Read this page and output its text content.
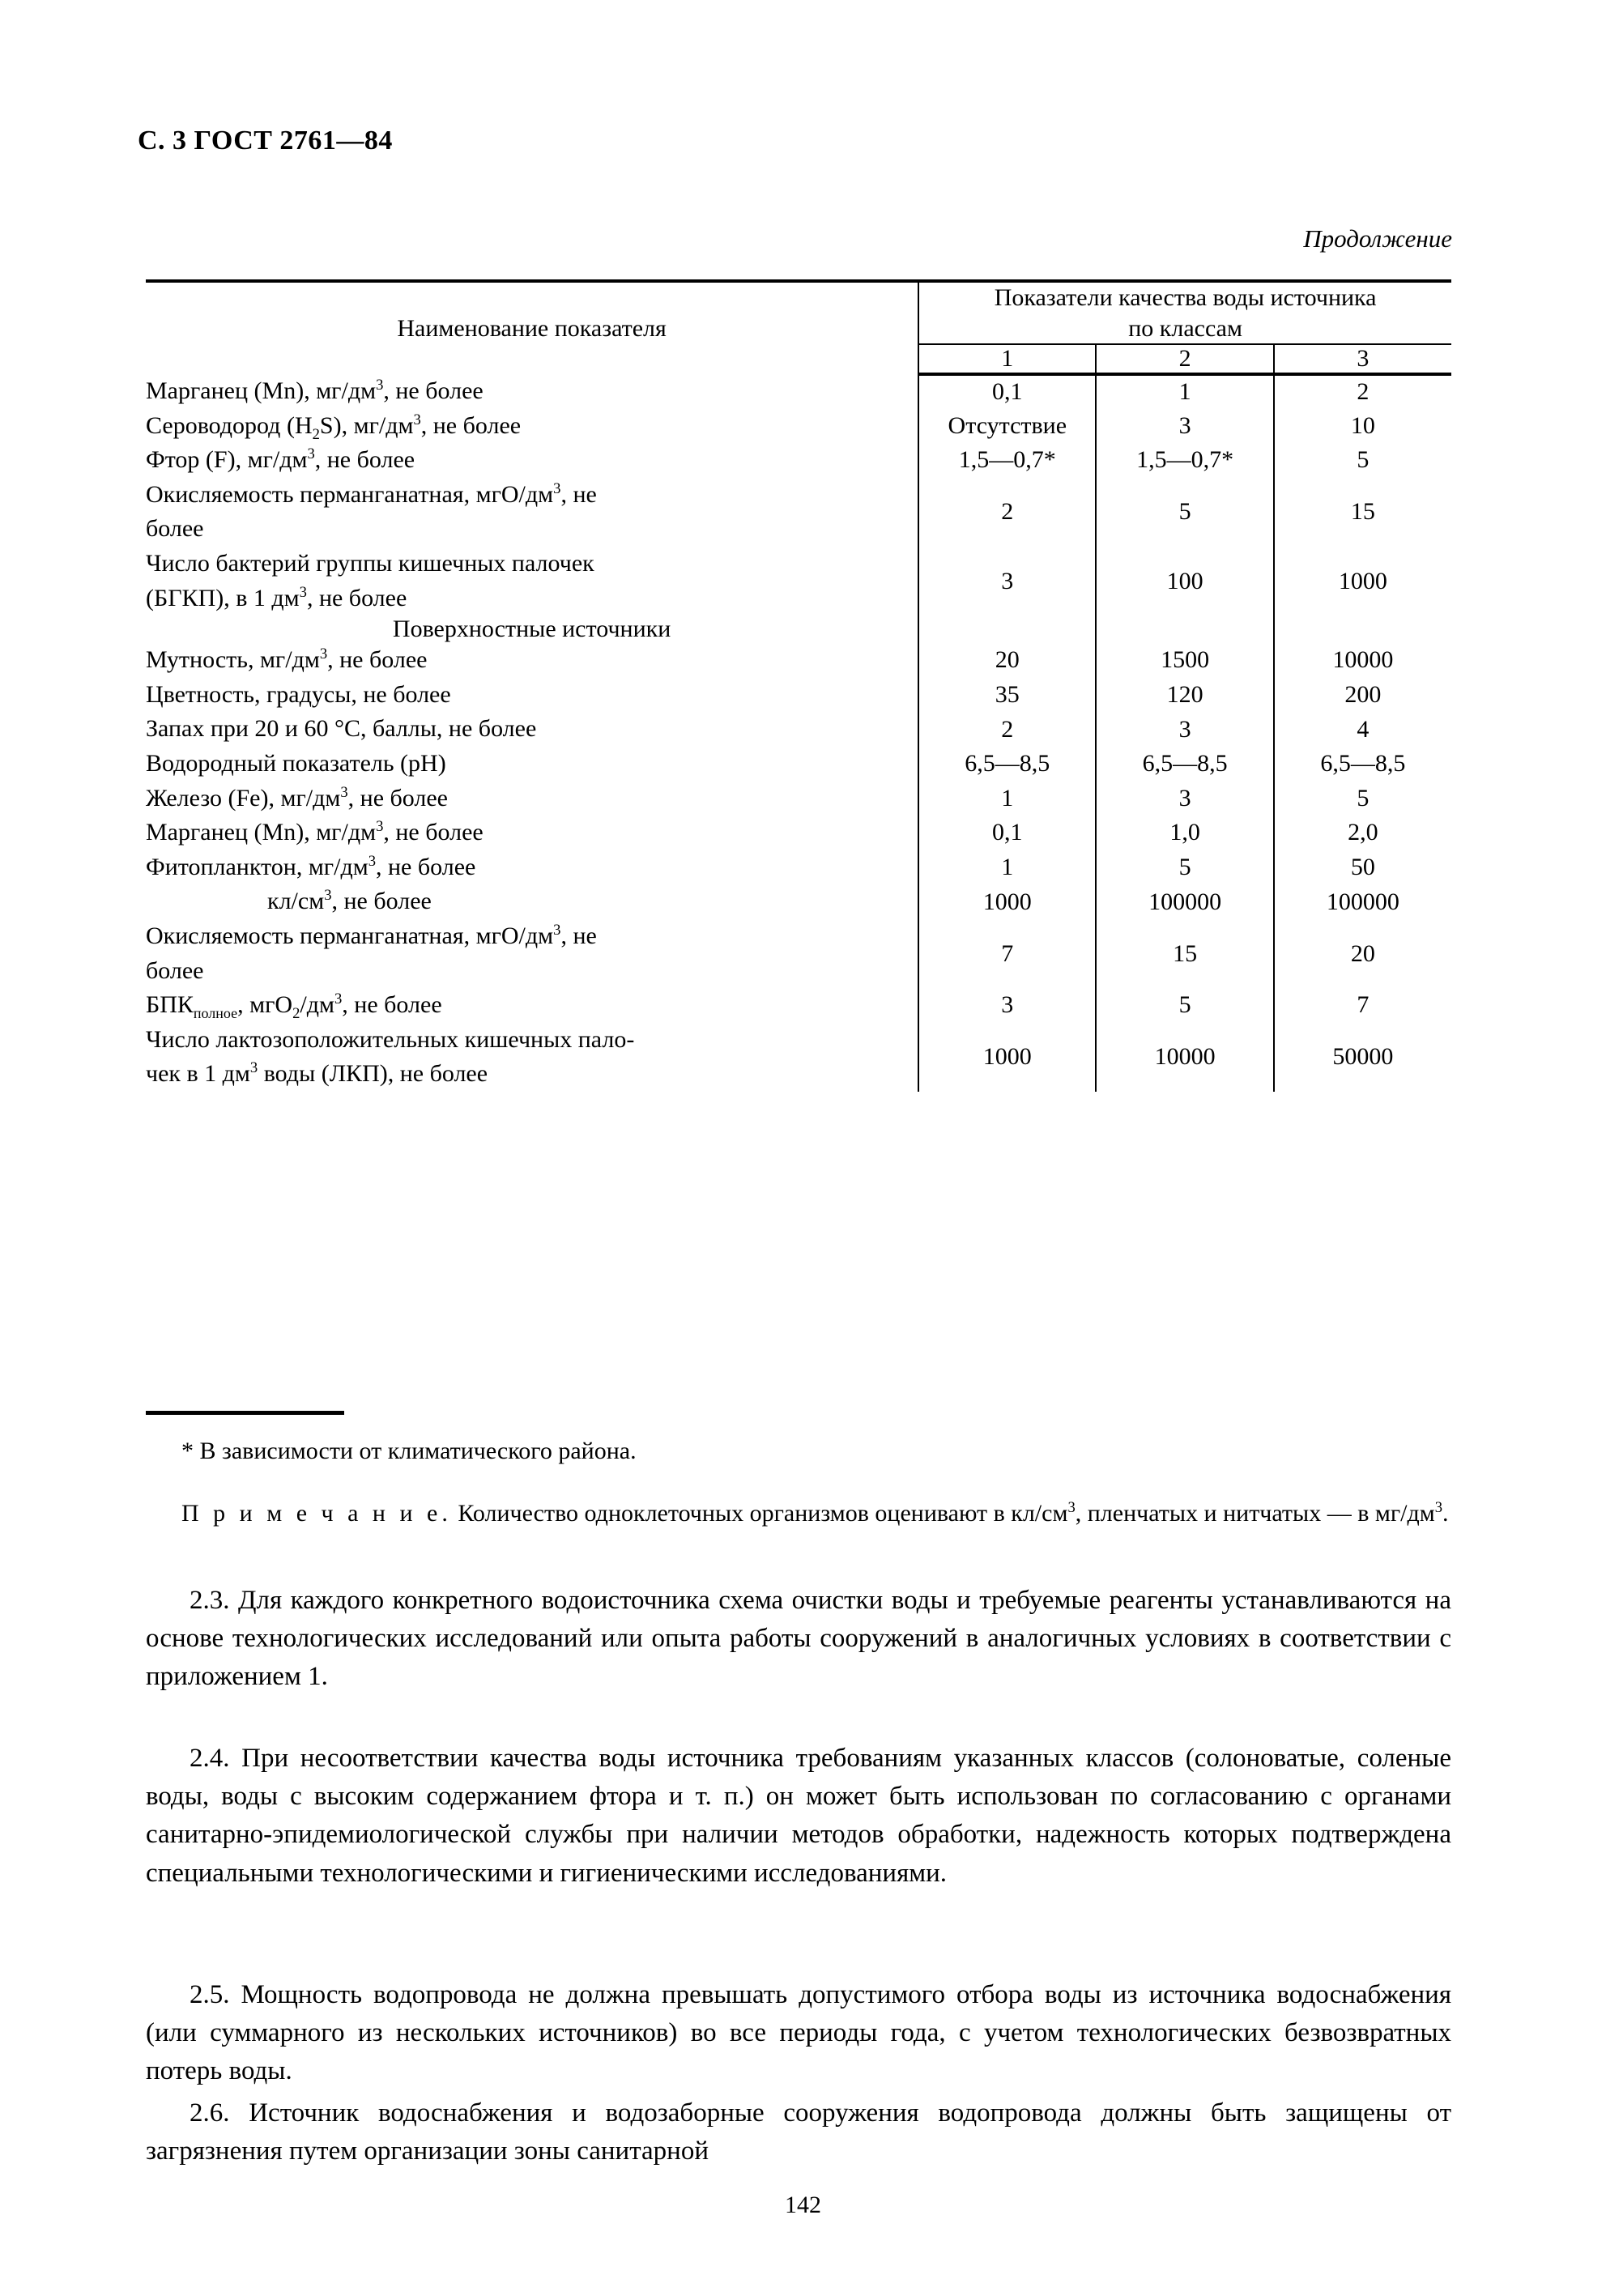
С. 3 ГОСТ 2761—84
Продолжение
Наименование показателя	Показатели качества воды источника
по классам		
	1	2	3
Марганец (Mn), $мг/дм^3$, не более	0,1	1	2
Сероводород $(H_2S)$, $мг/дм^3$, не более	Отсутствие	3	10
Фтор (F), $мг/дм^3$, не более	1,5—0,7*	1,5—0,7*	5
Окисляемость перманганатная, мгО/$дм^3$, не
более	2	5	15
Число бактерий группы кишечных палочек
(БГКП), в 1 $дм^3$, не более	3	100	1000
Поверхностные источники			
Мутность, $мг/дм^3$, не более	20	1500	10000
Цветность, градусы, не более	35	120	200
Запах при 20 и 60 °С, баллы, не более	2	3	4
Водородный показатель (pH)	6,5—8,5	6,5—8,5	6,5—8,5
Железо (Fe), $мг/дм^3$, не более	1	3	5
Марганец (Mn), $мг/дм^3$, не более	0,1	1,0	2,0
Фитопланктон, $мг/дм^3$, не более	1	5	50
$кл/см^3$, не более	1000	100000	100000
Окисляемость перманганатная, мгО/$дм^3$, не
более	7	15	20
$БПК_{полное}$, $мгО_2/дм^3$, не более	3	5	7
Число лактозоположительных кишечных пало-
чек в 1 $дм^3$ воды (ЛКП), не более	1000	10000	50000
* В зависимости от климатического района.
П р и м е ч а н и е. Количество одноклеточных организмов оценивают в $кл/см^3$, пленчатых и нитчатых — в $мг/дм^3$.

2.3. Для каждого конкретного водоисточника схема очистки воды и требуемые реагенты устанавливаются на основе технологических исследований или опыта работы сооружений в аналогичных условиях в соответствии с приложением 1.

2.4. При несоответствии качества воды источника требованиям указанных классов (солоноватые, соленые воды, воды с высоким содержанием фтора и т. п.) он может быть использован по согласованию с органами санитарно-эпидемиологической службы при наличии методов обработки, надежность которых подтверждена специальными технологическими и гигиеническими исследованиями.

2.5. Мощность водопровода не должна превышать допустимого отбора воды из источника водоснабжения (или суммарного из нескольких источников) во все периоды года, с учетом технологических безвозвратных потерь воды.

2.6. Источник водоснабжения и водозаборные сооружения водопровода должны быть защищены от загрязнения путем организации зоны санитарной

142
